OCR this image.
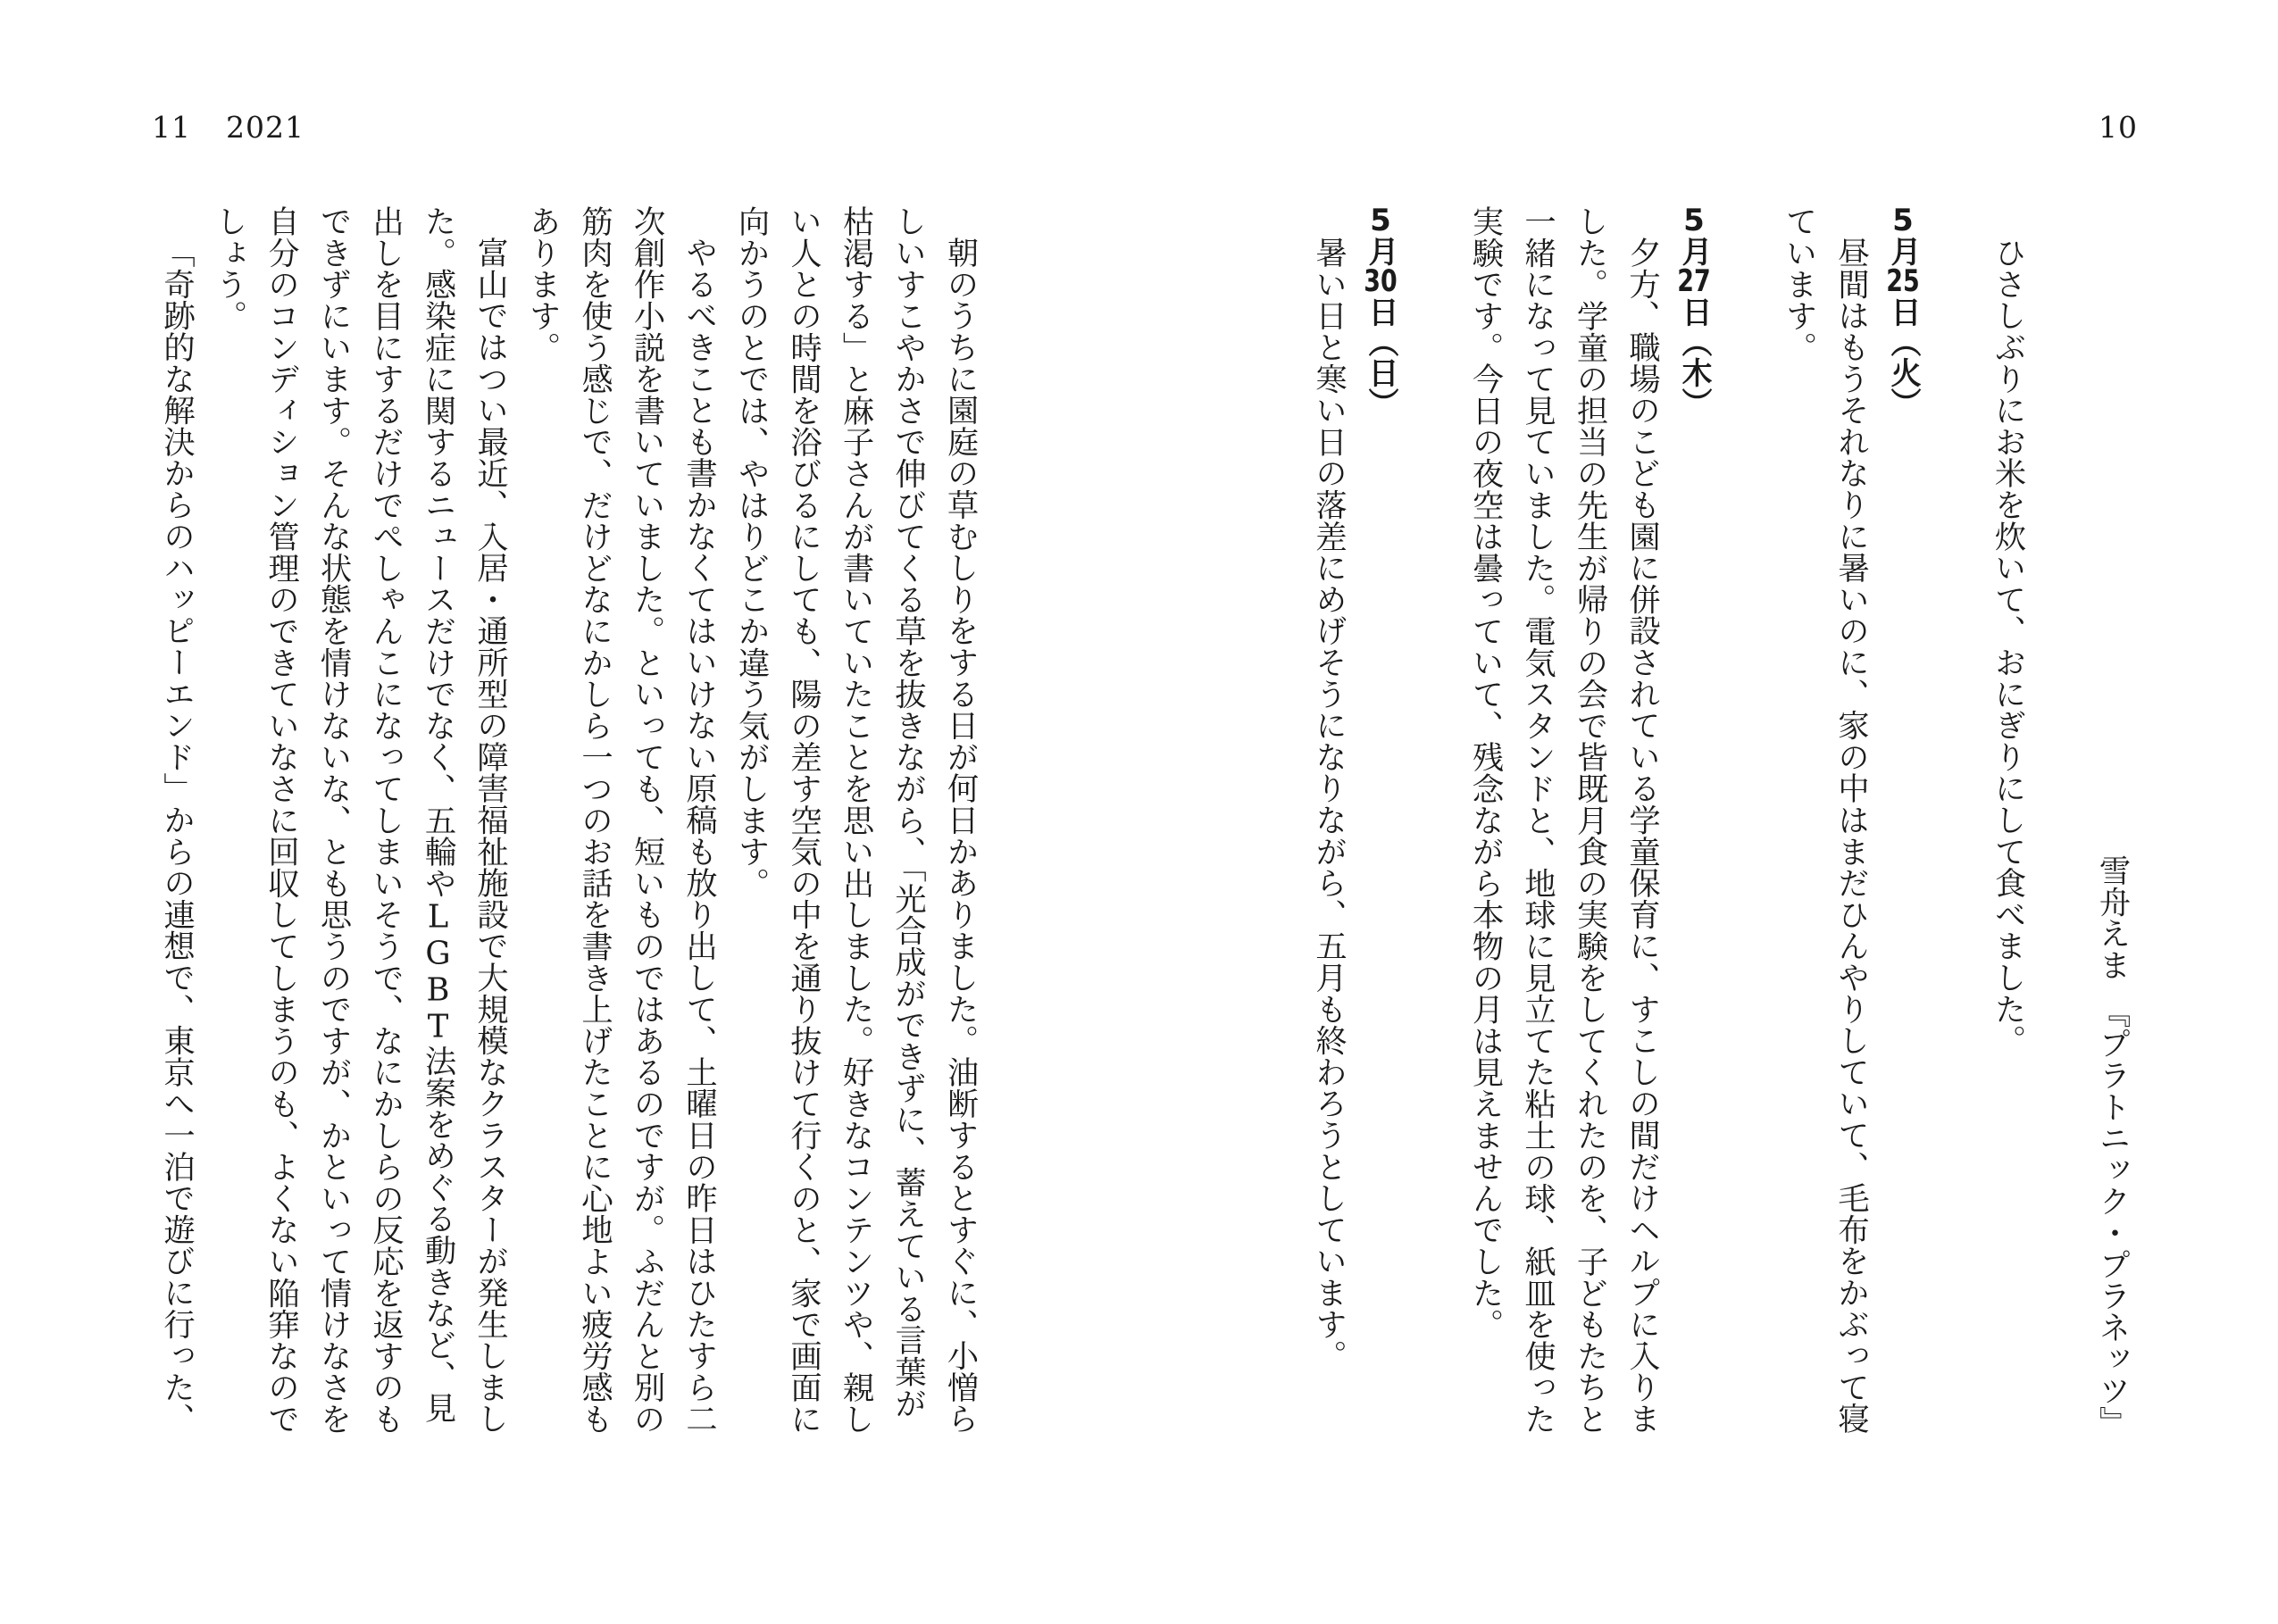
11 2021	10

雪舟えま　『プラトニック・プラネッツ』

ひさしぶりにお米を炊いて、おにぎりにして食べました。

5月25日（火）

昼間はもうそれなりに暑いのに、家の中はまだひんやりしていて、毛布をかぶって寝ています。

5月27日（木）

夕方、職場のこども園に併設されている学童保育に、すこしの間だけヘルプに入りました。学童の担当の先生が帰りの会で皆既月食の実験をしてくれたのを、子どもたちと一緒になって見ていました。電気スタンドと、地球に見立てた粘土の球、紙皿を使った実験です。今日の夜空は曇っていて、残念ながら本物の月は見えませんでした。

5月30日（日）

暑い日と寒い日の落差にめげそうになりながら、五月も終わろうとしています。

朝のうちに園庭の草むしりをする日が何日かありました。油断するとすぐに、小憎らしいすこやかさで伸びてくる草を抜きながら、「光合成ができずに、蓄えている言葉が枯渇する」と麻子さんが書いていたことを思い出しました。好きなコンテンツや、親しい人との時間を浴びるにしても、陽の差す空気の中を通り抜けて行くのと、家で画面に向かうのとでは、やはりどこか違う気がします。

やるべきことも書かなくてはいけない原稿も放り出して、土曜日の昨日はひたすら二次創作小説を書いていました。といっても、短いものではあるのですが。ふだんと別の筋肉を使う感じで、だけどなにかしら一つのお話を書き上げたことに心地よい疲労感もあります。

富山ではつい最近、入居・通所型の障害福祉施設で大規模なクラスターが発生しました。感染症に関するニュースだけでなく、五輪やLGBT法案をめぐる動きなど、見出しを目にするだけでぺしゃんこになってしまいそうで、なにかしらの反応を返すのもできずにいます。そんな状態を情けないな、とも思うのですが、かといって情けなさを自分のコンディション管理のできていなさに回収してしまうのも、よくない陥穽なのでしょう。

「奇跡的な解決からのハッピーエンド」からの連想で、東京へ一泊で遊びに行った、
